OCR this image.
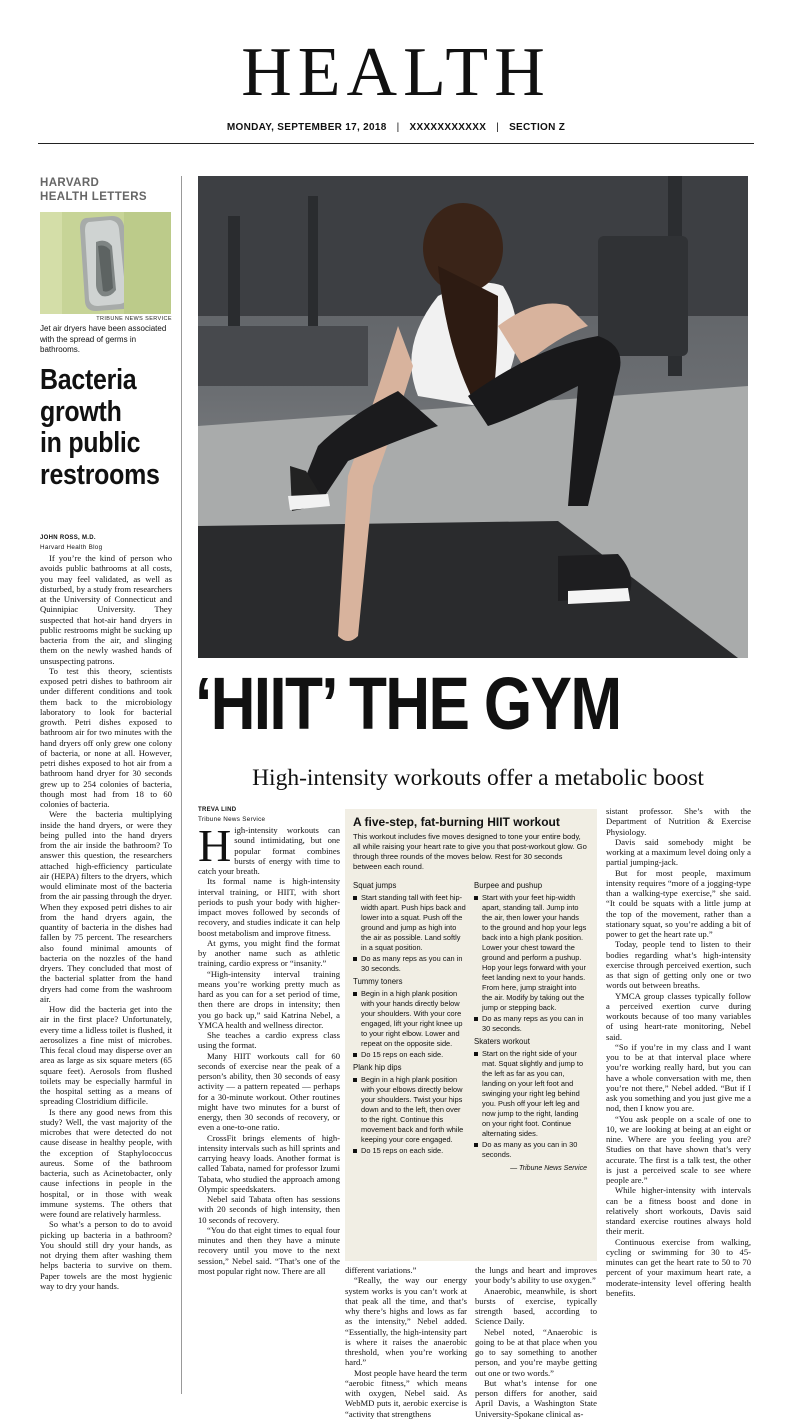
HEALTH
MONDAY, SEPTEMBER 17, 2018 | XXXXXXXXXXX | SECTION Z
HARVARD
HEALTH LETTERS
TRIBUNE NEWS SERVICE
Jet air dryers have been associated with the spread of germs in bathrooms.
Bacteria
growth
in public
restrooms
JOHN ROSS, M.D.
Harvard Health Blog

If you’re the kind of person who avoids public bathrooms at all costs, you may feel validated, as well as disturbed, by a study from researchers at the University of Connecticut and Quinnipiac University. They suspected that hot-air hand dryers in public restrooms might be sucking up bacteria from the air, and slinging them on the newly washed hands of unsuspecting patrons.

To test this theory, scientists exposed petri dishes to bathroom air under different conditions and took them back to the microbiology laboratory to look for bacterial growth. Petri dishes exposed to bathroom air for two minutes with the hand dryers off only grew one colony of bacteria, or none at all. However, petri dishes exposed to hot air from a bathroom hand dryer for 30 seconds grew up to 254 colonies of bacteria, though most had from 18 to 60 colonies of bacteria.

Were the bacteria multiplying inside the hand dryers, or were they being pulled into the hand dryers from the air inside the bathroom? To answer this question, the researchers attached high-efficiency particulate air (HEPA) filters to the dryers, which would eliminate most of the bacteria from the air passing through the dryer. When they exposed petri dishes to air from the hand dryers again, the quantity of bacteria in the dishes had fallen by 75 percent. The researchers also found minimal amounts of bacteria on the nozzles of the hand dryers. They concluded that most of the bacterial splatter from the hand dryers had come from the washroom air.

How did the bacteria get into the air in the first place? Unfortunately, every time a lidless toilet is flushed, it aerosolizes a fine mist of microbes. This fecal cloud may disperse over an area as large as six square meters (65 square feet). Aerosols from flushed toilets may be especially harmful in the hospital setting as a means of spreading Clostridium difficile.

Is there any good news from this study? Well, the vast majority of the microbes that were detected do not cause disease in healthy people, with the exception of Staphylococcus aureus. Some of the bathroom bacteria, such as Acinetobacter, only cause infections in people in the hospital, or in those with weak immune systems. The others that were found are relatively harmless.

So what’s a person to do to avoid picking up bacteria in a bathroom? You should still dry your hands, as not drying them after washing them helps bacteria to survive on them. Paper towels are the most hygienic way to dry your hands.

‘HIIT’ THE GYM
High-intensity workouts offer a metabolic boost
TREVA LIND
Tribune News Service
H igh-intensity workouts can sound intimidating, but one popular format combines bursts of energy with time to catch your breath.

Its formal name is high-intensity interval training, or HIIT, with short periods to push your body with higher-impact moves followed by seconds of recovery, and studies indicate it can help boost metabolism and improve fitness.

At gyms, you might find the format by another name such as athletic training, cardio express or “insanity.”

“High-intensity interval training means you’re working pretty much as hard as you can for a set period of time, then there are drops in intensity; then you go back up,” said Katrina Nebel, a YMCA health and wellness director.

She teaches a cardio express class using the format.

Many HIIT workouts call for 60 seconds of exercise near the peak of a person’s ability, then 30 seconds of easy activity — a pattern repeated — perhaps for a 30-minute workout. Other routines might have two minutes for a burst of energy, then 30 seconds of recovery, or even a one-to-one ratio.

CrossFit brings elements of high-intensity intervals such as hill sprints and carrying heavy loads. Another format is called Tabata, named for professor Izumi Tabata, who studied the approach among Olympic speedskaters.

Nebel said Tabata often has sessions with 20 seconds of high intensity, then 10 seconds of recovery.

“You do that eight times to equal four minutes and then they have a minute recovery until you move to the next session,” Nebel said. “That’s one of the most popular right now. There are all

A five-step, fat-burning HIIT workout
This workout includes five moves designed to tone your entire body, all while raising your heart rate to give you that post-workout glow. Go through three rounds of the moves below. Rest for 30 seconds between each round.
Squat jumps
Start standing tall with feet hip-width apart. Push hips back and lower into a squat. Push off the ground and jump as high into the air as possible. Land softly in a squat position.
Do as many reps as you can in 30 seconds.
Tummy toners
Begin in a high plank position with your hands directly below your shoulders. With your core engaged, lift your right knee up to your right elbow. Lower and repeat on the opposite side.
Do 15 reps on each side.
Plank hip dips
Begin in a high plank position with your elbows directly below your shoulders. Twist your hips down and to the left, then over to the right. Continue this movement back and forth while keeping your core engaged.
Do 15 reps on each side.
Burpee and pushup
Start with your feet hip-width apart, standing tall. Jump into the air, then lower your hands to the ground and hop your legs back into a high plank position. Lower your chest toward the ground and perform a pushup. Hop your legs forward with your feet landing next to your hands. From here, jump straight into the air. Modify by taking out the jump or stepping back.
Do as many reps as you can in 30 seconds.
Skaters workout
Start on the right side of your mat. Squat slightly and jump to the left as far as you can, landing on your left foot and swinging your right leg behind you. Push off your left leg and now jump to the right, landing on your right foot. Continue alternating sides.
Do as many as you can in 30 seconds.
— Tribune News Service

different variations.”

“Really, the way our energy system works is you can’t work at that peak all the time, and that’s why there’s highs and lows as far as the intensity,” Nebel added. “Essentially, the high-intensity part is where it raises the anaerobic threshold, when you’re working hard.”

Most people have heard the term “aerobic fitness,” which means with oxygen, Nebel said. As WebMD puts it, aerobic exercise is “activity that strengthens

the lungs and heart and improves your body’s ability to use oxygen.”

Anaerobic, meanwhile, is short bursts of exercise, typically strength based, according to Science Daily.

Nebel noted, “Anaerobic is going to be at that place when you go to say something to another person, and you’re maybe getting out one or two words.”

But what’s intense for one person differs for another, said April Davis, a Washington State University-Spokane clinical as-

sistant professor. She’s with the Department of Nutrition & Exercise Physiology.

Davis said somebody might be working at a maximum level doing only a partial jumping-jack.

But for most people, maximum intensity requires “more of a jogging-type than a walking-type exercise,” she said. “It could be squats with a little jump at the top of the movement, rather than a stationary squat, so you’re adding a bit of power to get the heart rate up.”

Today, people tend to listen to their bodies regarding what’s high-intensity exercise through perceived exertion, such as that sign of getting only one or two words out between breaths.

YMCA group classes typically follow a perceived exertion curve during workouts because of too many variables of using heart-rate monitoring, Nebel said.

“So if you’re in my class and I want you to be at that interval place where you’re working really hard, but you can have a whole conversation with me, then you’re not there,” Nebel added. “But if I ask you something and you just give me a nod, then I know you are.

“You ask people on a scale of one to 10, we are looking at being at an eight or nine. Where are you feeling you are? Studies on that have shown that’s very accurate. The first is a talk test, the other is just a perceived scale to see where people are.”

While higher-intensity with intervals can be a fitness boost and done in relatively short workouts, Davis said standard exercise routines always hold their merit.

Continuous exercise from walking, cycling or swimming for 30 to 45-minutes can get the heart rate to 50 to 70 percent of your maximum heart rate, a moderate-intensity level offering health benefits.
